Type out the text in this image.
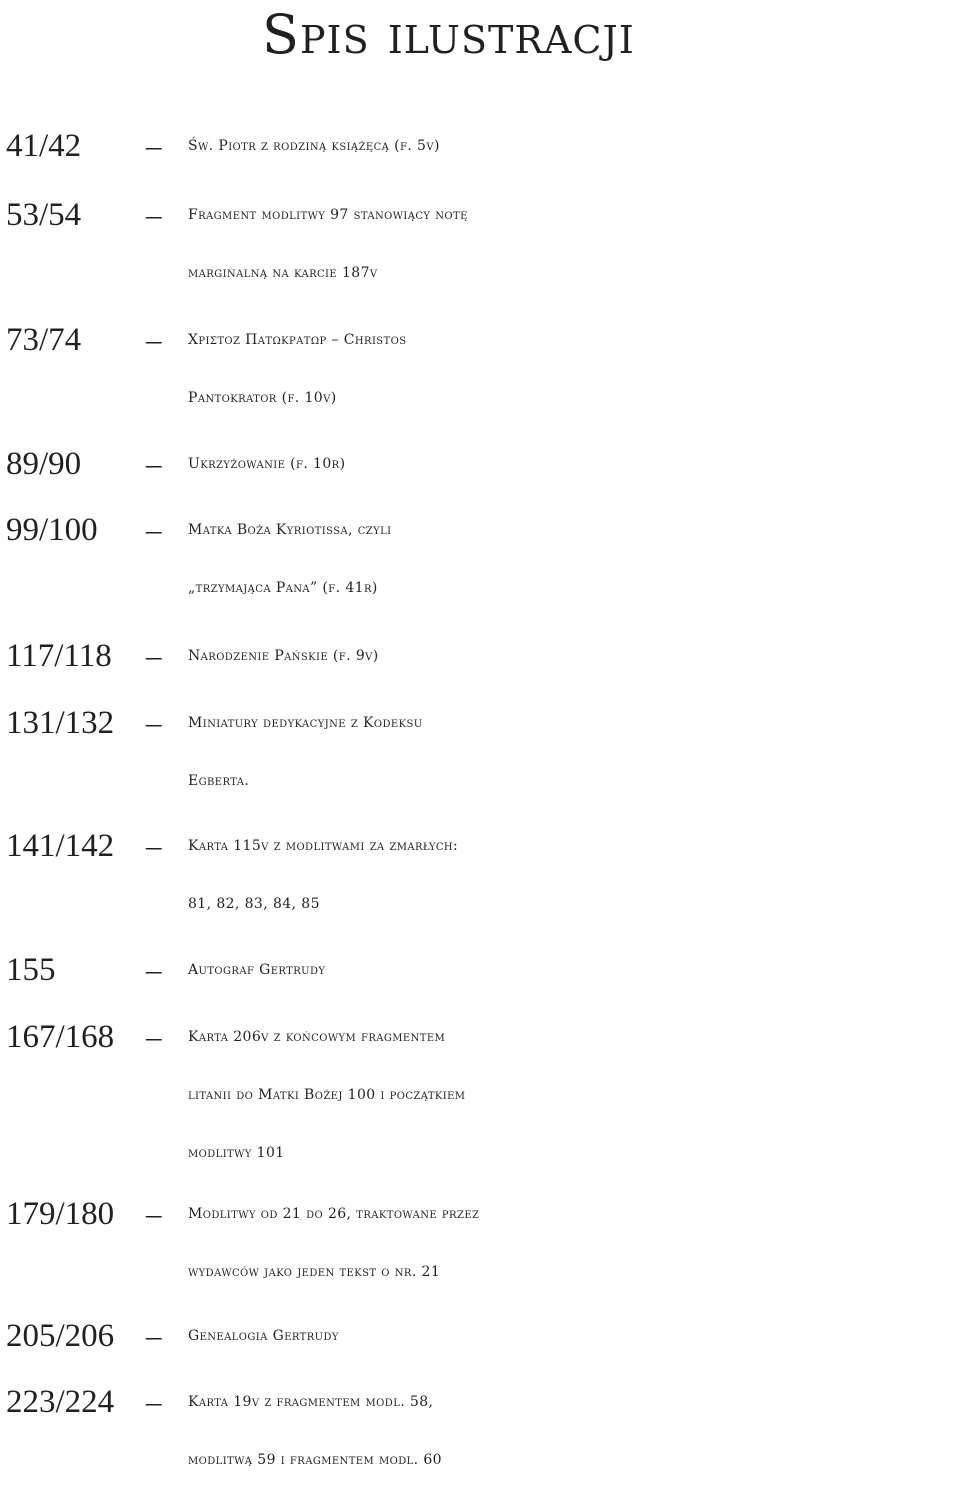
Spis ilustracji
41/42	–	Św. Piotr z rodziną książęcą (f. 5v)
53/54	–	Fragment modlitwy 97 stanowiący notę
marginalną na karcie 187v
73/74	–	Χριστοζ Πατωκρατωρ – Christos
Pantokrator (f. 10v)
89/90	–	Ukrzyżowanie (f. 10r)
99/100	–	Matka Boża Kyriotissa, czyli
„trzymająca Pana” (f. 41r)
117/118	–	Narodzenie Pańskie (f. 9v)
131/132	–	Miniatury dedykacyjne z Kodeksu
Egberta.
141/142	–	Karta 115v z modlitwami za zmarłych:
81, 82, 83, 84, 85
155	–	Autograf Gertrudy
167/168	–	Karta 206v z końcowym fragmentem
litanii do Matki Bożej 100 i początkiem
modlitwy 101
179/180	–	Modlitwy od 21 do 26, traktowane przez
wydawców jako jeden tekst o nr. 21
205/206	–	Genealogia Gertrudy
223/224	–	Karta 19v z fragmentem modl. 58,
modlitwą 59 i fragmentem modl. 60
